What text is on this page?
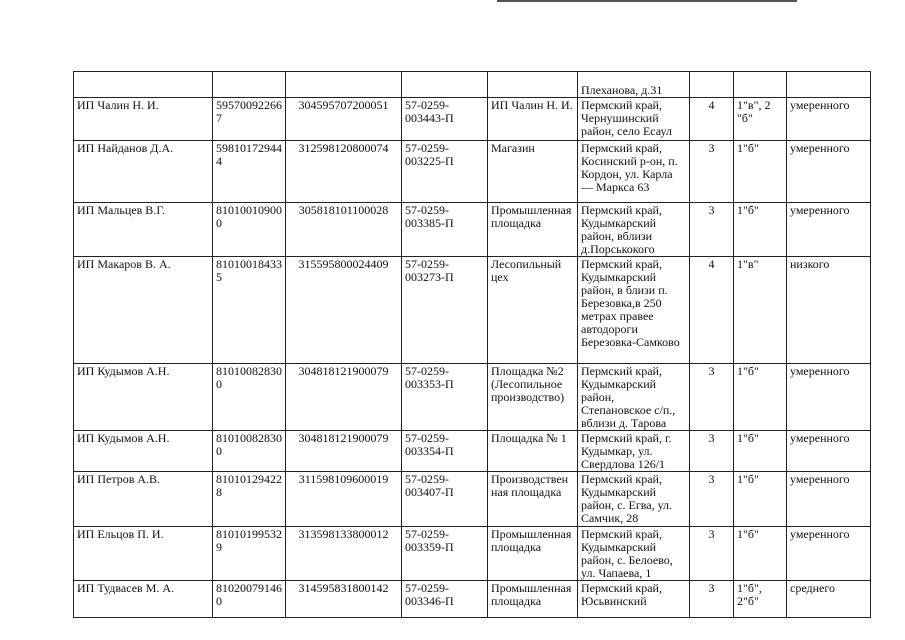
					Плеханова, д.31			
ИП Чалин Н. И.	595700922667	304595707200051	57-0259-003443-П	ИП Чалин Н. И.	Пермский край, Чернушинский район, село Есаул	4	1"в", 2 "б"	умеренного
ИП Найданов Д.А.	598101729444	312598120800074	57-0259-003225-П	Магазин	Пермский край, Косинский р-он, п. Кордон, ул. Карла — Маркса 63	3	1"б"	умеренного
ИП Мальцев В.Г.	810100109000	305818101100028	57-0259-003385-П	Промышленная площадка	Пермский край, Кудымкарский район, вблизи д.Порськокого	3	1"б"	умеренного
ИП Макаров В. А.	810100184335	315595800024409	57-0259-003273-П	Лесопильный цех	Пермский край, Кудымкарский район, в близи п. Березовка,в 250 метрах правее автодороги Березовка-Самково	4	1"в"	низкого
ИП Кудымов А.Н.	810100828300	304818121900079	57-0259-003353-П	Площадка №2 (Лесопильное производство)	Пермский край, Кудымкарский район, Степановское с/п., вблизи д. Тарова	3	1"б"	умеренного
ИП Кудымов А.Н.	810100828300	304818121900079	57-0259-003354-П	Площадка № 1	Пермский край, г. Кудымкар, ул. Свердлова 126/1	3	1"б"	умеренного
ИП Петров А.В.	810101294228	311598109600019	57-0259-003407-П	Производственная площадка	Пермский край, Кудымкарский район, с. Егва, ул. Самчик, 28	3	1"б"	умеренного
ИП Ельцов П. И.	810101995329	313598133800012	57-0259-003359-П	Промышленная площадка	Пермский край, Кудымкарский район, с. Белоево, ул. Чапаева, 1	3	1"б"	умеренного
ИП Тудвасев М. А.	810200791460	314595831800142	57-0259-003346-П	Промышленная площадка	Пермский край, Юсьвинский	3	1"б", 2"б"	среднего
